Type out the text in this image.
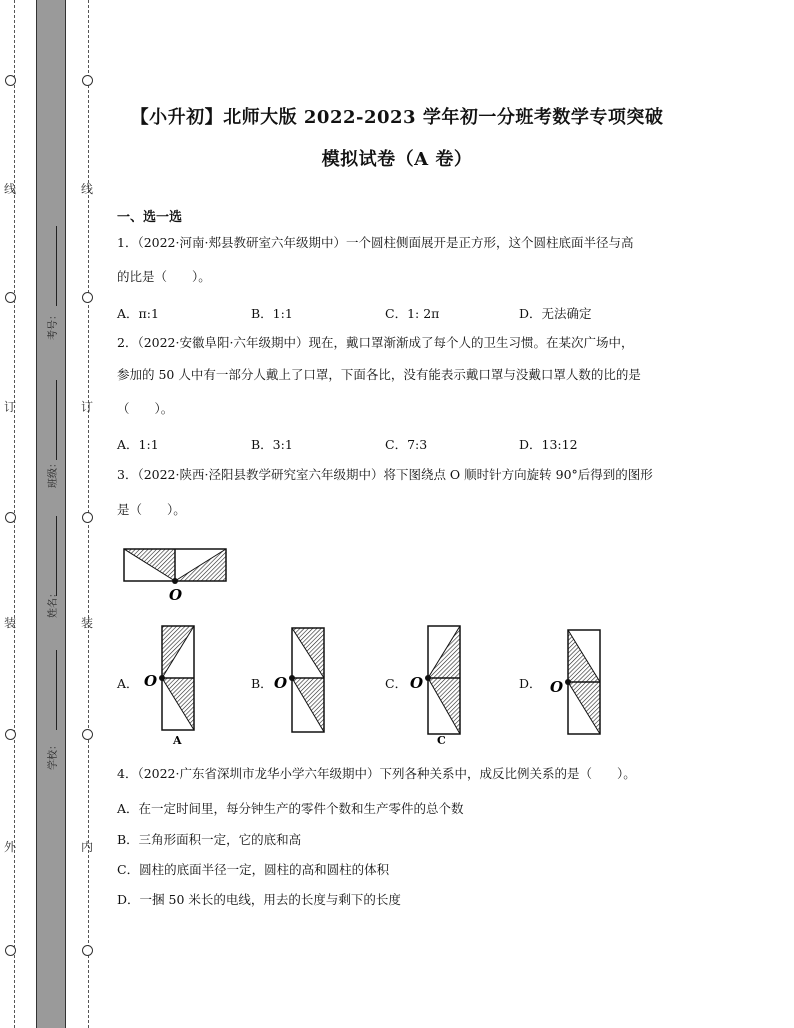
线
订
装
外
线
订
装
内
考号：
班级：
姓名：
学校：
【小升初】北师大版 2022-2023 学年初一分班考数学专项突破
模拟试卷（A 卷）
一、选一选
1．（2022·河南·郏县教研室六年级期中）一个圆柱侧面展开是正方形，这个圆柱底面半径与高
的比是（　　）。
A．π:1	B．1:1	C．1: 2π	D．无法确定
2．（2022·安徽阜阳·六年级期中）现在，戴口罩渐渐成了每个人的卫生习惯。在某次广场中，
参加的 50 人中有一部分人戴上了口罩，下面各比，没有能表示戴口罩与没戴口罩人数的比的是
（　　）。
A．1:1	B．3:1	C．7:3	D．13:12
3．（2022·陕西·泾阳县教学研究室六年级期中）将下图绕点 O 顺时针方向旋转 90°后得到的图形
是（　　）。
O
A． O
A
B． O	C． O
C
D． O
4．（2022·广东省深圳市龙华小学六年级期中）下列各种关系中，成反比例关系的是（　　）。
A．在一定时间里，每分钟生产的零件个数和生产零件的总个数
B．三角形面积一定，它的底和高
C．圆柱的底面半径一定，圆柱的高和圆柱的体积
D．一捆 50 米长的电线，用去的长度与剩下的长度
